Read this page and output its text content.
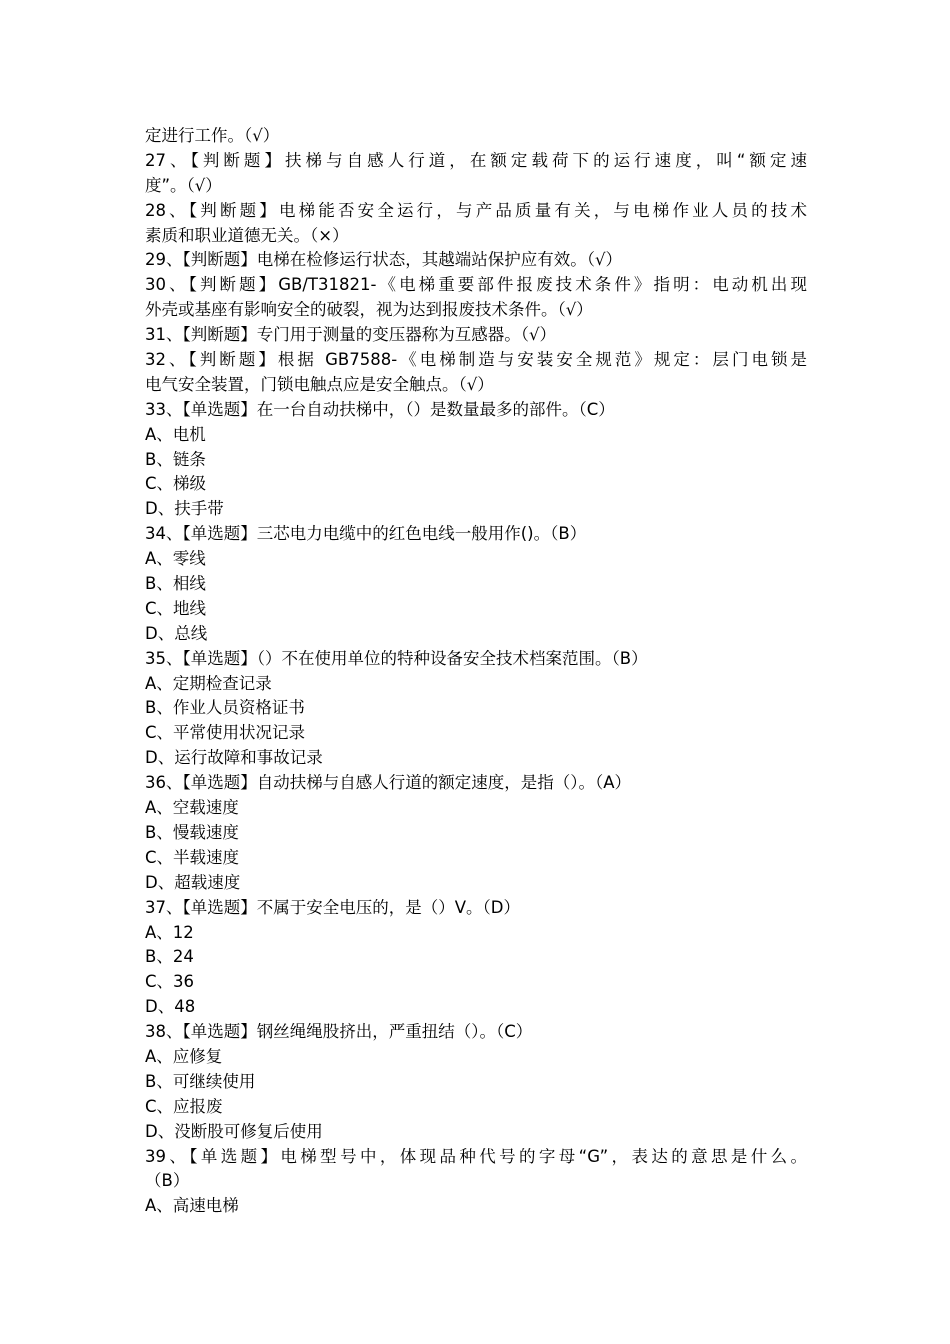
定进行工作。（√）
27、【判断题】扶梯与自感人行道，在额定载荷下的运行速度，叫“额定速
度”。（√）
28、【判断题】电梯能否安全运行，与产品质量有关，与电梯作业人员的技术
素质和职业道德无关。（×）
29、【判断题】电梯在检修运行状态，其越端站保护应有效。（√）
30、【判断题】GB/T31821-《电梯重要部件报废技术条件》指明：电动机出现
外壳或基座有影响安全的破裂，视为达到报废技术条件。（√）
31、【判断题】专门用于测量的变压器称为互感器。（√）
32、【判断题】根据 GB7588-《电梯制造与安装安全规范》规定：层门电锁是
电气安全装置，门锁电触点应是安全触点。（√）
33、【单选题】在一台自动扶梯中，（）是数量最多的部件。（C）
A、电机
B、链条
C、梯级
D、扶手带
34、【单选题】三芯电力电缆中的红色电线一般用作()。（B）
A、零线
B、相线
C、地线
D、总线
35、【单选题】（）不在使用单位的特种设备安全技术档案范围。（B）
A、定期检查记录
B、作业人员资格证书
C、平常使用状况记录
D、运行故障和事故记录
36、【单选题】自动扶梯与自感人行道的额定速度，是指（）。（A）
A、空载速度
B、慢载速度
C、半载速度
D、超载速度
37、【单选题】不属于安全电压的，是（）V。（D）
A、12
B、24
C、36
D、48
38、【单选题】钢丝绳绳股挤出，严重扭结（）。（C）
A、应修复
B、可继续使用
C、应报废
D、没断股可修复后使用
39、【单选题】电梯型号中，体现品种代号的字母“G”，表达的意思是什么。
（B）
A、高速电梯
